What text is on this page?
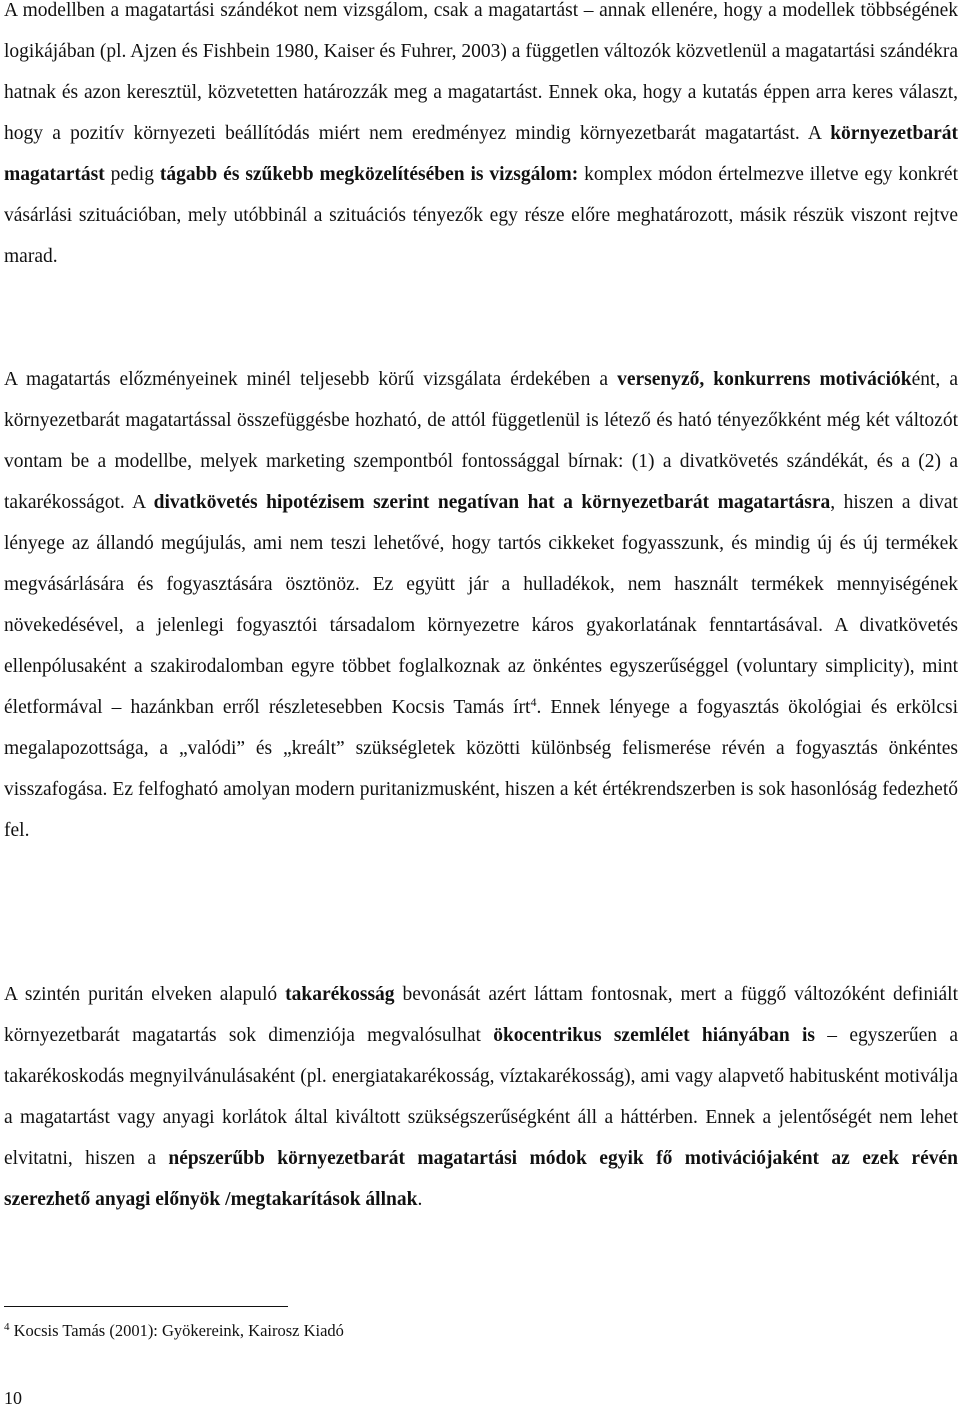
A modellben a magatartási szándékot nem vizsgálom, csak a magatartást – annak ellenére, hogy a modellek többségének logikájában (pl. Ajzen és Fishbein 1980, Kaiser és Fuhrer, 2003) a független változók közvetlenül a magatartási szándékra hatnak és azon keresztül, közvetetten határozzák meg a magatartást. Ennek oka, hogy a kutatás éppen arra keres választ, hogy a pozitív környezeti beállítódás miért nem eredményez mindig környezetbarát magatartást. A környezetbarát magatartást pedig tágabb és szűkebb megközelítésében is vizsgálom: komplex módon értelmezve illetve egy konkrét vásárlási szituációban, mely utóbbinál a szituációs tényezők egy része előre meghatározott, másik részük viszont rejtve marad.

A magatartás előzményeinek minél teljesebb körű vizsgálata érdekében a versenyző, konkurrens motivációként, a környezetbarát magatartással összefüggésbe hozható, de attól függetlenül is létező és ható tényezőkként még két változót vontam be a modellbe, melyek marketing szempontból fontossággal bírnak: (1) a divatkövetés szándékát, és a (2) a takarékosságot. A divatkövetés hipotézisem szerint negatívan hat a környezetbarát magatartásra, hiszen a divat lényege az állandó megújulás, ami nem teszi lehetővé, hogy tartós cikkeket fogyasszunk, és mindig új és új termékek megvásárlására és fogyasztására ösztönöz. Ez együtt jár a hulladékok, nem használt termékek mennyiségének növekedésével, a jelenlegi fogyasztói társadalom környezetre káros gyakorlatának fenntartásával. A divatkövetés ellenpólusaként a szakirodalomban egyre többet foglalkoznak az önkéntes egyszerűséggel (voluntary simplicity), mint életformával – hazánkban erről részletesebben Kocsis Tamás írt$^4$. Ennek lényege a fogyasztás ökológiai és erkölcsi megalapozottsága, a „valódi” és „kreált” szükségletek közötti különbség felismerése révén a fogyasztás önkéntes visszafogása. Ez felfogható amolyan modern puritanizmusként, hiszen a két értékrendszerben is sok hasonlóság fedezhető fel.

A szintén puritán elveken alapuló takarékosság bevonását azért láttam fontosnak, mert a függő változóként definiált környezetbarát magatartás sok dimenziója megvalósulhat ökocentrikus szemlélet hiányában is – egyszerűen a takarékoskodás megnyilvánulásaként (pl. energiatakarékosság, víztakarékosság), ami vagy alapvető habitusként motiválja a magatartást vagy anyagi korlátok által kiváltott szükségszerűségként áll a háttérben. Ennek a jelentőségét nem lehet elvitatni, hiszen a népszerűbb környezetbarát magatartási módok egyik fő motivációjaként az ezek révén szerezhető anyagi előnyök /megtakarítások állnak.

$^4$ Kocsis Tamás (2001): Gyökereink, Kairosz Kiadó

10
